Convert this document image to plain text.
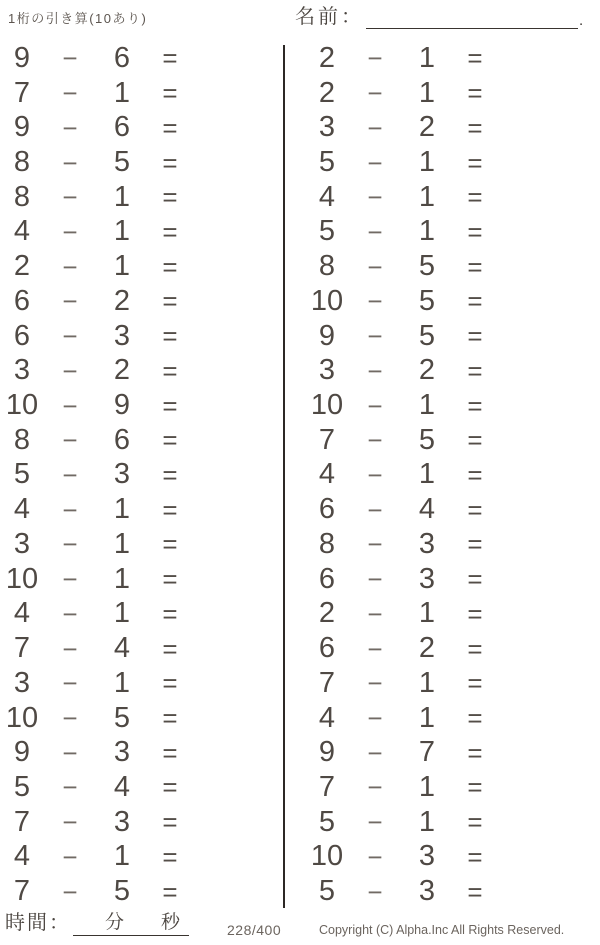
1桁の引き算(10あり)	名前：	.
9	−	6	=
7	−	1	=
9	−	6	=
8	−	5	=
8	−	1	=
4	−	1	=
2	−	1	=
6	−	2	=
6	−	3	=
3	−	2	=
10 −	9	=
8	−	6	=
5	−	3	=
4	−	1	=
3	−	1	=
10 −	1	=
4	−	1	=
7	−	4	=
3	−	1	=
10 −	5	=
9	−	3	=
5	−	4	=
7	−	3	=
4	−	1	=
7	−	5	=
2	−	1	=
2	−	1	=
3	−	2	=
5	−	1	=
4	−	1	=
5	−	1	=
8	−	5	=
10 −	5	=
9	−	5	=
3	−	2	=
10 −	1	=
7	−	5	=
4	−	1	=
6	−	4	=
8	−	3	=
6	−	3	=
2	−	1	=
6	−	2	=
7	−	1	=
4	−	1	=
9	−	7	=
7	−	1	=
5	−	1	=
10 −	3	=
5	−	3	=
時間： 分 秒	228/400	Copyright (C) Alpha.Inc All Rights Reserved.
